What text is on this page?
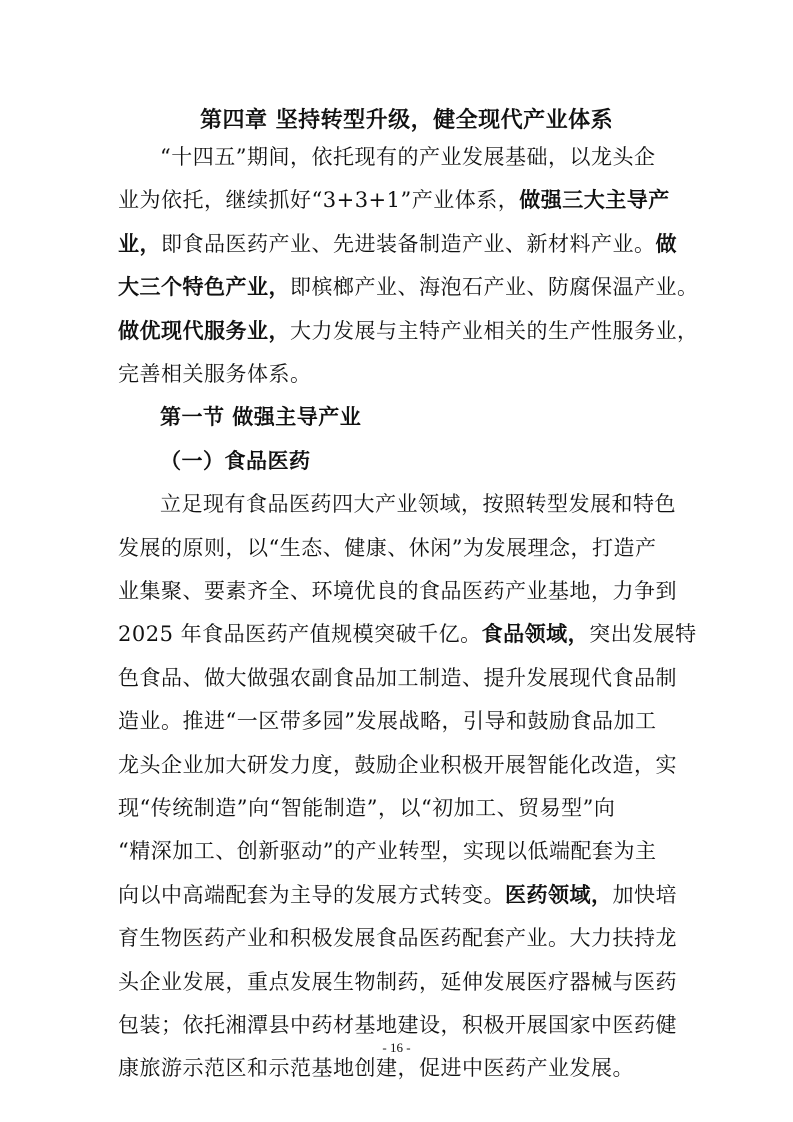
第四章 坚持转型升级，健全现代产业体系
“十四五”期间，依托现有的产业发展基础，以龙头企
业为依托，继续抓好“3+3+1”产业体系，做强三大主导产
业，即食品医药产业、先进装备制造产业、新材料产业。做
大三个特色产业，即槟榔产业、海泡石产业、防腐保温产业。
做优现代服务业，大力发展与主特产业相关的生产性服务业，
完善相关服务体系。
第一节 做强主导产业
（一）食品医药
立足现有食品医药四大产业领域，按照转型发展和特色
发展的原则，以“生态、健康、休闲”为发展理念，打造产
业集聚、要素齐全、环境优良的食品医药产业基地，力争到
2025 年食品医药产值规模突破千亿。食品领域，突出发展特
色食品、做大做强农副食品加工制造、提升发展现代食品制
造业。推进“一区带多园”发展战略，引导和鼓励食品加工
龙头企业加大研发力度，鼓励企业积极开展智能化改造，实
现“传统制造”向“智能制造”，以“初加工、贸易型”向
“精深加工、创新驱动”的产业转型，实现以低端配套为主
向以中高端配套为主导的发展方式转变。医药领域，加快培
育生物医药产业和积极发展食品医药配套产业。大力扶持龙
头企业发展，重点发展生物制药，延伸发展医疗器械与医药
包装；依托湘潭县中药材基地建设，积极开展国家中医药健
康旅游示范区和示范基地创建，促进中医药产业发展。
- 16 -
